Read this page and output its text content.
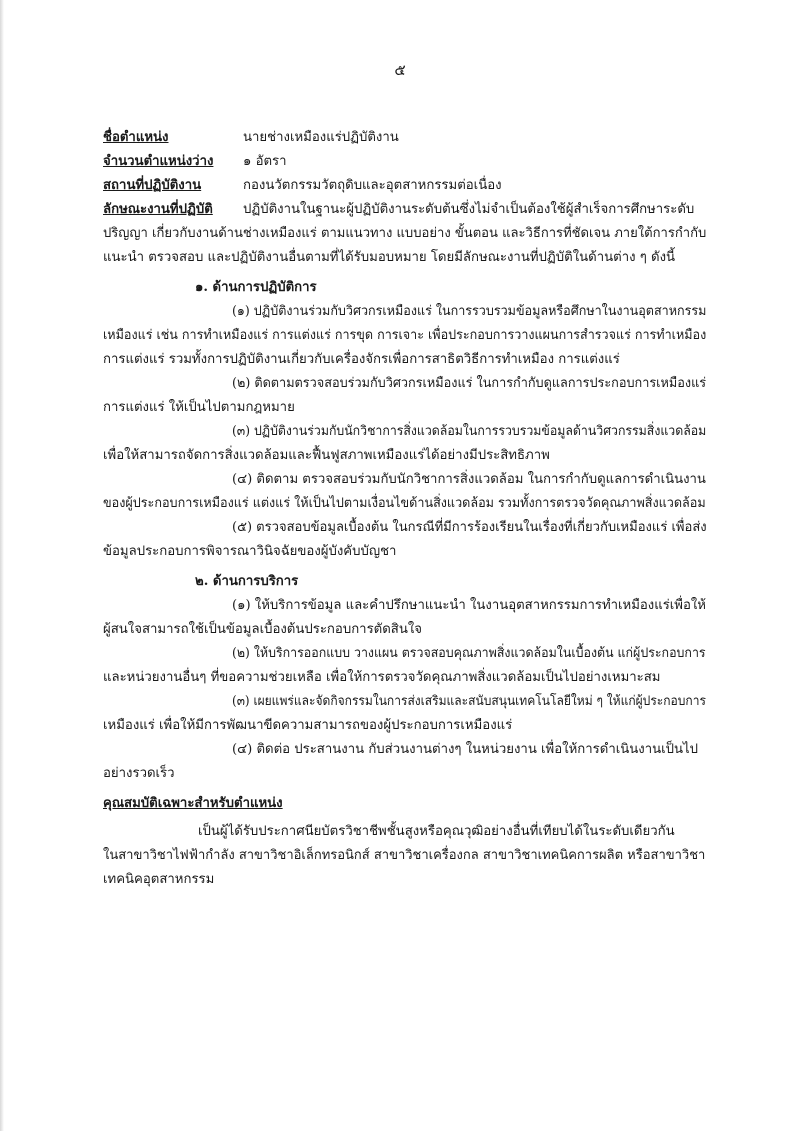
๕
ชื่อตำแหน่ง	นายช่างเหมืองแร่ปฏิบัติงาน
จำนวนตำแหน่งว่าง ๑ อัตรา
สถานที่ปฏิบัติงาน	กองนวัตกรรมวัตถุดิบและอุตสาหกรรมต่อเนื่อง
ลักษณะงานที่ปฏิบัติ ปฏิบัติงานในฐานะผู้ปฏิบัติงานระดับต้นซึ่งไม่จำเป็นต้องใช้ผู้สำเร็จการศึกษาระดับ
ปริญญา เกี่ยวกับงานด้านช่างเหมืองแร่ ตามแนวทาง แบบอย่าง ขั้นตอน และวิธีการที่ชัดเจน ภายใต้การกำกับ
แนะนำ ตรวจสอบ และปฏิบัติงานอื่นตามที่ได้รับมอบหมาย โดยมีลักษณะงานที่ปฏิบัติในด้านต่าง ๆ ดังนี้
๑. ด้านการปฏิบัติการ
(๑) ปฏิบัติงานร่วมกับวิศวกรเหมืองแร่ ในการรวบรวมข้อมูลหรือศึกษาในงานอุตสาหกรรม
เหมืองแร่ เช่น การทำเหมืองแร่ การแต่งแร่ การขุด การเจาะ เพื่อประกอบการวางแผนการสำรวจแร่ การทำเหมือง
การแต่งแร่ รวมทั้งการปฏิบัติงานเกี่ยวกับเครื่องจักรเพื่อการสาธิตวิธีการทำเหมือง การแต่งแร่
(๒) ติดตามตรวจสอบร่วมกับวิศวกรเหมืองแร่ ในการกำกับดูแลการประกอบการเหมืองแร่
การแต่งแร่ ให้เป็นไปตามกฎหมาย
(๓) ปฏิบัติงานร่วมกับนักวิชาการสิ่งแวดล้อมในการรวบรวมข้อมูลด้านวิศวกรรมสิ่งแวดล้อม
เพื่อให้สามารถจัดการสิ่งแวดล้อมและฟื้นฟูสภาพเหมืองแร่ได้อย่างมีประสิทธิภาพ
(๔) ติดตาม ตรวจสอบร่วมกับนักวิชาการสิ่งแวดล้อม ในการกำกับดูแลการดำเนินงาน
ของผู้ประกอบการเหมืองแร่ แต่งแร่ ให้เป็นไปตามเงื่อนไขด้านสิ่งแวดล้อม รวมทั้งการตรวจวัดคุณภาพสิ่งแวดล้อม
(๕) ตรวจสอบข้อมูลเบื้องต้น ในกรณีที่มีการร้องเรียนในเรื่องที่เกี่ยวกับเหมืองแร่ เพื่อส่ง
ข้อมูลประกอบการพิจารณาวินิจฉัยของผู้บังคับบัญชา
๒. ด้านการบริการ
(๑) ให้บริการข้อมูล และคำปรึกษาแนะนำ ในงานอุตสาหกรรมการทำเหมืองแร่เพื่อให้
ผู้สนใจสามารถใช้เป็นข้อมูลเบื้องต้นประกอบการตัดสินใจ
(๒) ให้บริการออกแบบ วางแผน ตรวจสอบคุณภาพสิ่งแวดล้อมในเบื้องต้น แก่ผู้ประกอบการ
และหน่วยงานอื่นๆ ที่ขอความช่วยเหลือ เพื่อให้การตรวจวัดคุณภาพสิ่งแวดล้อมเป็นไปอย่างเหมาะสม
(๓) เผยแพร่และจัดกิจกรรมในการส่งเสริมและสนับสนุนเทคโนโลยีใหม่ ๆ ให้แก่ผู้ประกอบการ
เหมืองแร่ เพื่อให้มีการพัฒนาขีดความสามารถของผู้ประกอบการเหมืองแร่
(๔) ติดต่อ ประสานงาน กับส่วนงานต่างๆ ในหน่วยงาน เพื่อให้การดำเนินงานเป็นไป
อย่างรวดเร็ว
คุณสมบัติเฉพาะสำหรับตำแหน่ง
เป็นผู้ได้รับประกาศนียบัตรวิชาชีพชั้นสูงหรือคุณวุฒิอย่างอื่นที่เทียบได้ในระดับเดียวกัน
ในสาขาวิชาไฟฟ้ากำลัง สาขาวิชาอิเล็กทรอนิกส์ สาขาวิชาเครื่องกล สาขาวิชาเทคนิคการผลิต หรือสาขาวิชา
เทคนิคอุตสาหกรรม
